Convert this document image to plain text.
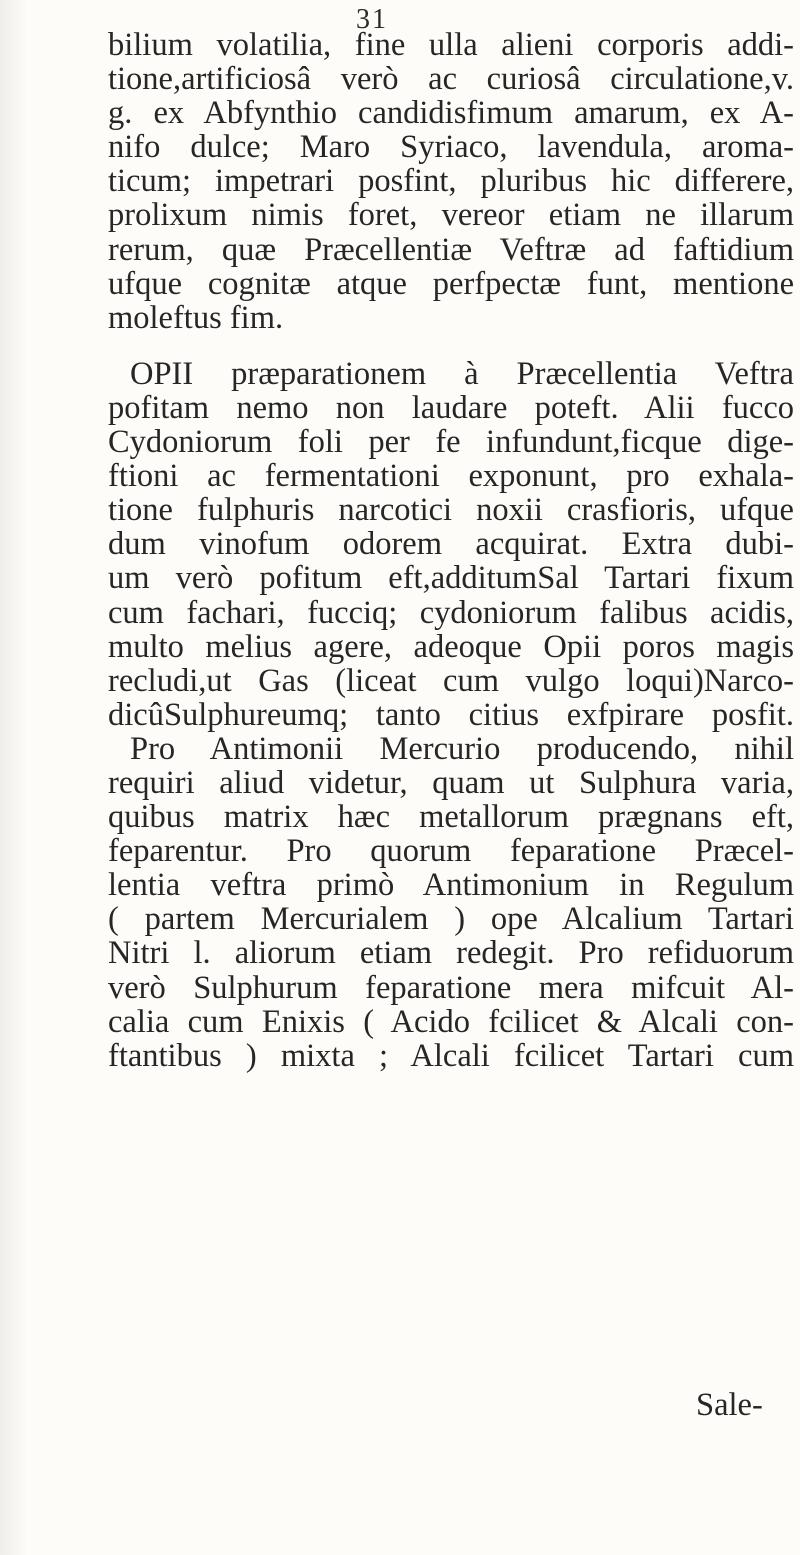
31
bilium volatilia, fine ulla alieni corporis addi-
tione,artificiosâ verò ac curiosâ circulatione,v.
g. ex Abfynthio candidisfimum amarum, ex A-
nifo dulce; Maro Syriaco, lavendula, aroma-
ticum; impetrari posfint, pluribus hic differere,
prolixum nimis foret, vereor etiam ne illarum
rerum, quæ Præcellentiæ Veftræ ad faftidium
ufque cognitæ atque perfpectæ funt, mentione
moleftus fim.
OPII præparationem à Præcellentia Veftra
pofitam nemo non laudare poteft. Alii fucco
Cydoniorum foli per fe infundunt,ficque dige-
ftioni ac fermentationi exponunt, pro exhala-
tione fulphuris narcotici noxii crasfioris, ufque
dum vinofum odorem acquirat. Extra dubi-
um verò pofitum eft,additumSal Tartari fixum
cum fachari, fucciq; cydoniorum falibus acidis,
multo melius agere, adeoque Opii poros magis
recludi,ut Gas (liceat cum vulgo loqui)Narco-
dicûSulphureumq; tanto citius exfpirare posfit.
Pro Antimonii Mercurio producendo, nihil
requiri aliud videtur, quam ut Sulphura varia,
quibus matrix hæc metallorum prægnans eft,
feparentur. Pro quorum feparatione Præcel-
lentia veftra primò Antimonium in Regulum
( partem Mercurialem ) ope Alcalium Tartari
Nitri l. aliorum etiam redegit. Pro refiduorum
verò Sulphurum feparatione mera mifcuit Al-
calia cum Enixis ( Acido fcilicet & Alcali con-
ftantibus ) mixta ; Alcali fcilicet Tartari cum
Sale-
